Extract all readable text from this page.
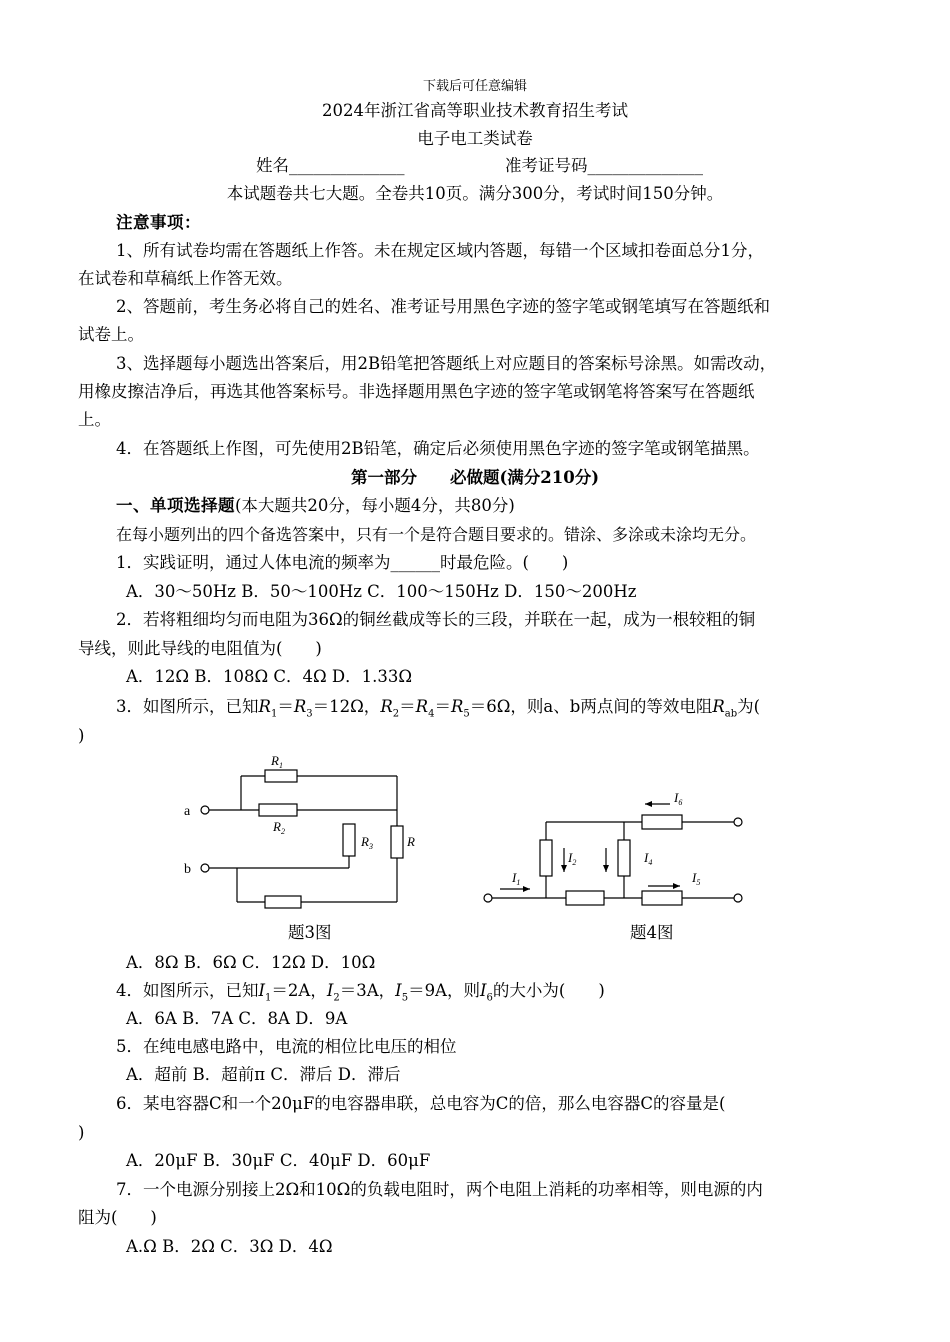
下载后可任意编辑
2024年浙江省高等职业技术教育招生考试
电子电工类试卷
姓名______________	准考证号码______________
本试题卷共七大题。全卷共10页。满分300分，考试时间150分钟。
注意事项：
1、所有试卷均需在答题纸上作答。未在规定区域内答题，每错一个区域扣卷面总分1分，
在试卷和草稿纸上作答无效。
2、答题前，考生务必将自己的姓名、准考证号用黑色字迹的签字笔或钢笔填写在答题纸和
试卷上。
3、选择题每小题选出答案后，用2B铅笔把答题纸上对应题目的答案标号涂黑。如需改动，
用橡皮擦洁净后，再选其他答案标号。非选择题用黑色字迹的签字笔或钢笔将答案写在答题纸
上。
4．在答题纸上作图，可先使用2B铅笔，确定后必须使用黑色字迹的签字笔或钢笔描黑。
第一部分　　必做题(满分210分)
一、单项选择题(本大题共20分，每小题4分，共80分)
在每小题列出的四个备选答案中，只有一个是符合题目要求的。错涂、多涂或未涂均无分。
1．实践证明，通过人体电流的频率为______时最危险。(　　)
A．30～50Hz B．50～100Hz C．100～150Hz D．150～200Hz
2．若将粗细均匀而电阻为36Ω的铜丝截成等长的三段，并联在一起，成为一根较粗的铜
导线，则此导线的电阻值为(　　)
A．12Ω B．108Ω C．4Ω D．1.33Ω
3．如图所示，已知$R_1=R_3=12\Omega$，$R_2=R_4=R_5=6\Omega$，则a、b两点间的等效电阻$R_{ab}$为(
)
$R_1$
$R_2$
$R_3$	R
a
b
题3图
$I_6$
$I_2$	$I_4$
$I_1$	$I_5$
题4图
A．8Ω B．6Ω C．12Ω D．10Ω
4．如图所示，已知$I_1=2A$，$I_2=3A$，$I_5=9A$，则$I_6$的大小为(　　)
A．6A B．7A C．8A D．9A
5．在纯电感电路中，电流的相位比电压的相位
A．超前 B．超前π C．滞后 D．滞后
6．某电容器C和一个20μF的电容器串联，总电容为C的倍，那么电容器C的容量是(
)
A．20μF B．30μF C．40μF D．60μF
7．一个电源分别接上2Ω和10Ω的负载电阻时，两个电阻上消耗的功率相等，则电源的内
阻为(　　)
A.Ω B．2Ω C．3Ω D．4Ω
